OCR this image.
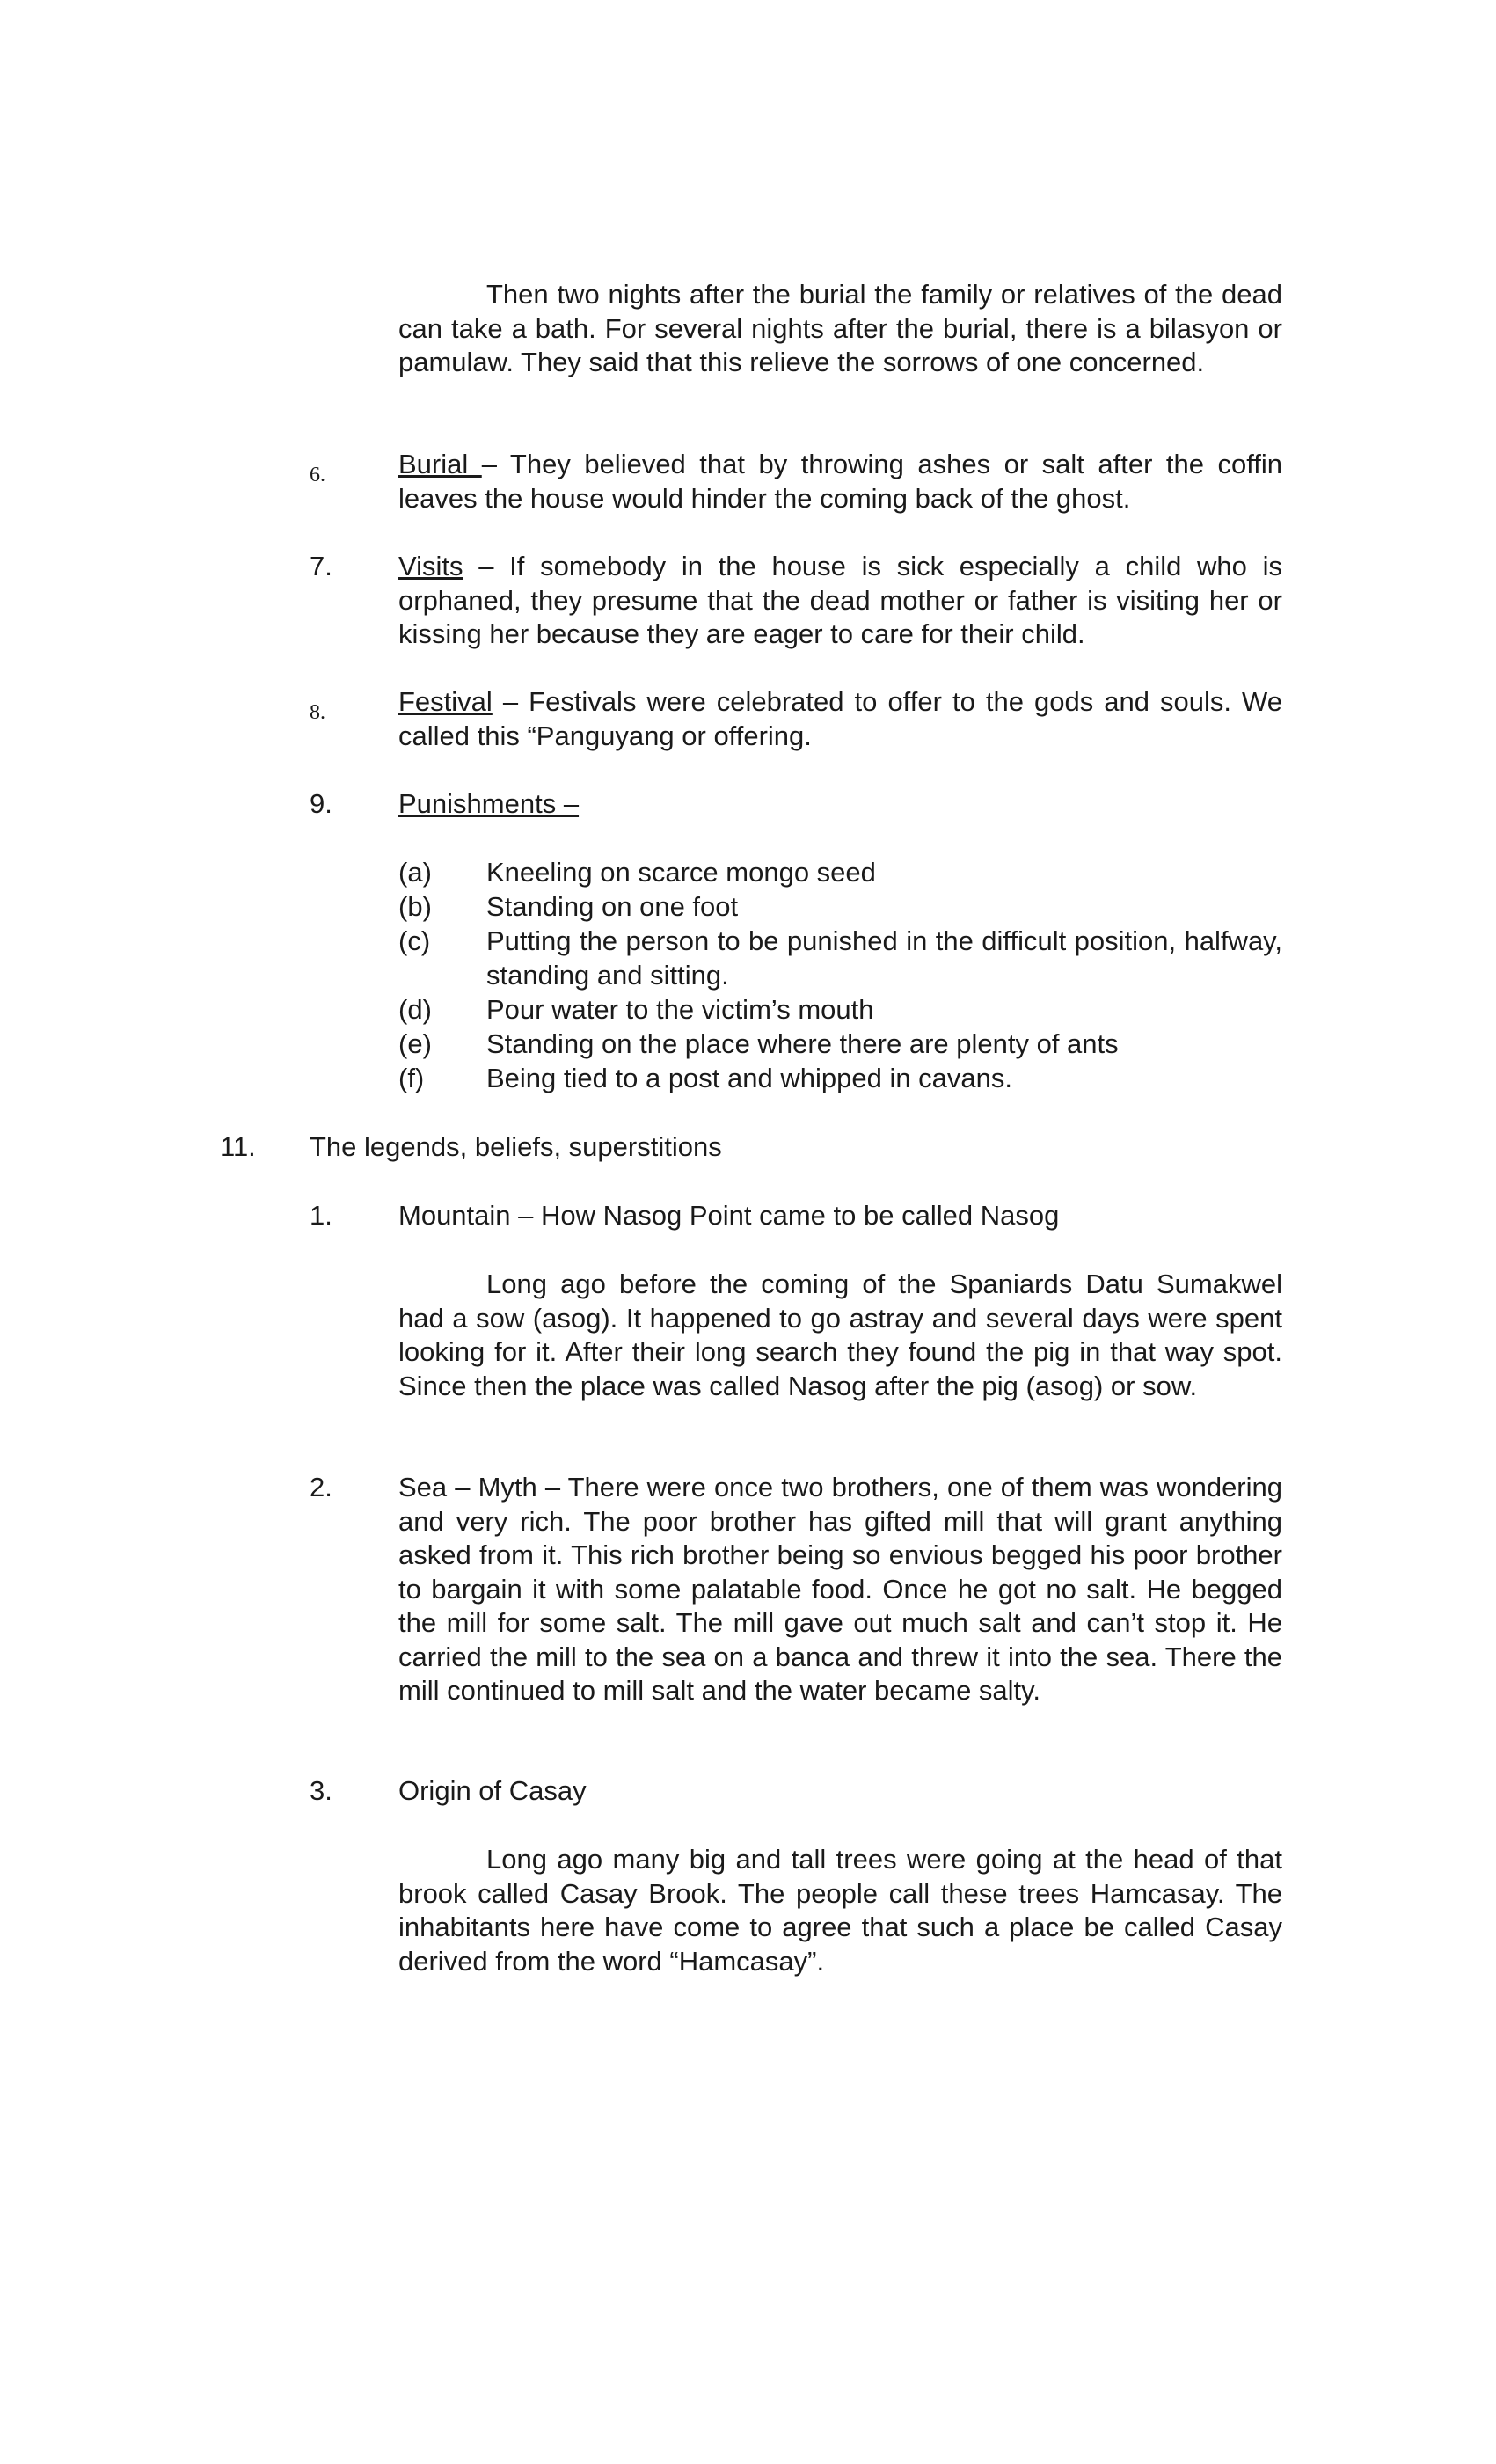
Then two nights after the burial the family or relatives of the dead can take a bath. For several nights after the burial, there is a bilasyon or pamulaw. They said that this relieve the sorrows of one concerned.
6.	Burial – They believed that by throwing ashes or salt after the coffin leaves the house would hinder the coming back of the ghost.
7. Visits – If somebody in the house is sick especially a child who is orphaned, they presume that the dead mother or father is visiting her or kissing her because they are eager to care for their child.
8.	Festival – Festivals were celebrated to offer to the gods and souls. We called this “Panguyang or offering.
9. Punishments –
(a) Kneeling on scarce mongo seed
(b) Standing on one foot
(c) Putting the person to be punished in the difficult position, halfway, standing and sitting.
(d) Pour water to the victim’s mouth
(e) Standing on the place where there are plenty of ants
(f) Being tied to a post and whipped in cavans.
11. The legends, beliefs, superstitions
1. Mountain – How Nasog Point came to be called Nasog
Long ago before the coming of the Spaniards Datu Sumakwel had a sow (asog). It happened to go astray and several days were spent looking for it. After their long search they found the pig in that way spot. Since then the place was called Nasog after the pig (asog) or sow.
2. Sea – Myth – There were once two brothers, one of them was wondering and very rich. The poor brother has gifted mill that will grant anything asked from it. This rich brother being so envious begged his poor brother to bargain it with some palatable food. Once he got no salt. He begged the mill for some salt. The mill gave out much salt and can’t stop it. He carried the mill to the sea on a banca and threw it into the sea. There the mill continued to mill salt and the water became salty.
3. Origin of Casay
Long ago many big and tall trees were going at the head of that brook called Casay Brook. The people call these trees Hamcasay. The inhabitants here have come to agree that such a place be called Casay derived from the word “Hamcasay”.
